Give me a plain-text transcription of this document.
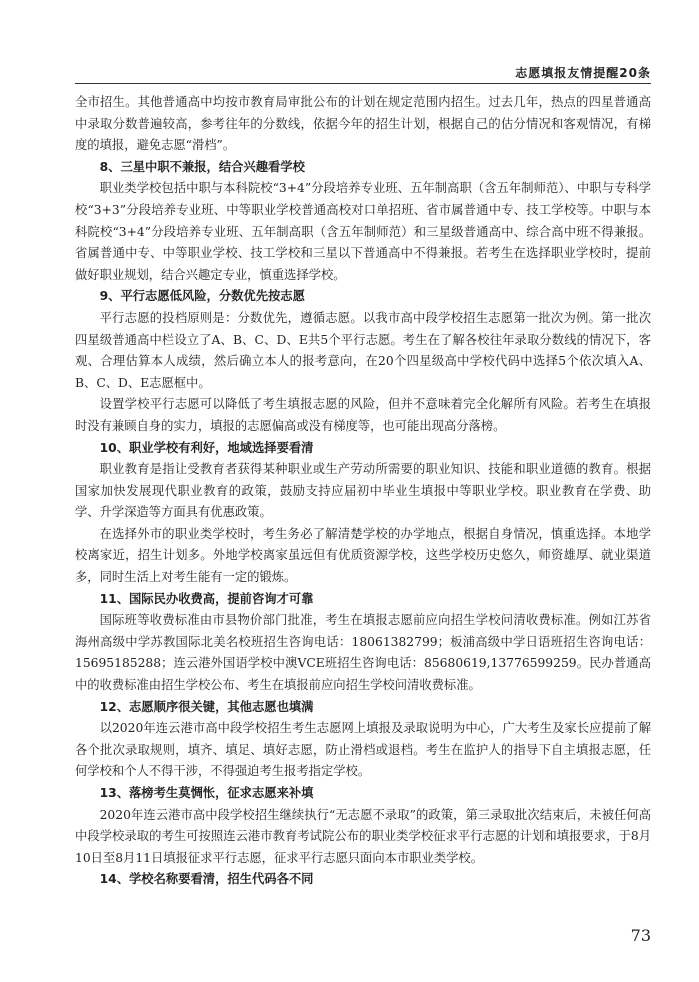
志愿填报友情提醒20条

全市招生。其他普通高中均按市教育局审批公布的计划在规定范围内招生。过去几年，热点的四星普通高中录取分数普遍较高，参考往年的分数线，依据今年的招生计划，根据自己的估分情况和客观情况，有梯度的填报，避免志愿“滑档”。

8、三星中职不兼报，结合兴趣看学校

职业类学校包括中职与本科院校“3+4”分段培养专业班、五年制高职（含五年制师范）、中职与专科学校“3+3”分段培养专业班、中等职业学校普通高校对口单招班、省市属普通中专、技工学校等。中职与本科院校“3+4”分段培养专业班、五年制高职（含五年制师范）和三星级普通高中、综合高中班不得兼报。省属普通中专、中等职业学校、技工学校和三星以下普通高中不得兼报。若考生在选择职业学校时，提前做好职业规划，结合兴趣定专业，慎重选择学校。

9、平行志愿低风险，分数优先按志愿

平行志愿的投档原则是：分数优先，遵循志愿。以我市高中段学校招生志愿第一批次为例。第一批次四星级普通高中栏设立了A、B、C、D、E共5个平行志愿。考生在了解各校往年录取分数线的情况下，客观、合理估算本人成绩，然后确立本人的报考意向，在20个四星级高中学校代码中选择5个依次填入A、B、C、D、E志愿框中。

设置学校平行志愿可以降低了考生填报志愿的风险，但并不意味着完全化解所有风险。若考生在填报时没有兼顾自身的实力，填报的志愿偏高或没有梯度等，也可能出现高分落榜。

10、职业学校有利好，地域选择要看清

职业教育是指让受教育者获得某种职业或生产劳动所需要的职业知识、技能和职业道德的教育。根据国家加快发展现代职业教育的政策，鼓励支持应届初中毕业生填报中等职业学校。职业教育在学费、助学、升学深造等方面具有优惠政策。

在选择外市的职业类学校时，考生务必了解清楚学校的办学地点，根据自身情况，慎重选择。本地学校离家近，招生计划多。外地学校离家虽远但有优质资源学校，这些学校历史悠久，师资雄厚、就业渠道多，同时生活上对考生能有一定的锻炼。

11、国际民办收费高，提前咨询才可靠

国际班等收费标准由市县物价部门批准，考生在填报志愿前应向招生学校问清收费标准。例如江苏省海州高级中学苏教国际北美名校班招生咨询电话：18061382799；板浦高级中学日语班招生咨询电话：15695185288；连云港外国语学校中澳VCE班招生咨询电话：85680619,13776599259。民办普通高中的收费标准由招生学校公布、考生在填报前应向招生学校问清收费标准。

12、志愿顺序很关键，其他志愿也填满

以2020年连云港市高中段学校招生考生志愿网上填报及录取说明为中心，广大考生及家长应提前了解各个批次录取规则，填齐、填足、填好志愿，防止滑档或退档。考生在监护人的指导下自主填报志愿，任何学校和个人不得干涉，不得强迫考生报考指定学校。

13、落榜考生莫惆怅，征求志愿来补填

2020年连云港市高中段学校招生继续执行“无志愿不录取”的政策，第三录取批次结束后，未被任何高中段学校录取的考生可按照连云港市教育考试院公布的职业类学校征求平行志愿的计划和填报要求，于8月10日至8月11日填报征求平行志愿，征求平行志愿只面向本市职业类学校。

14、学校名称要看清，招生代码各不同
73
